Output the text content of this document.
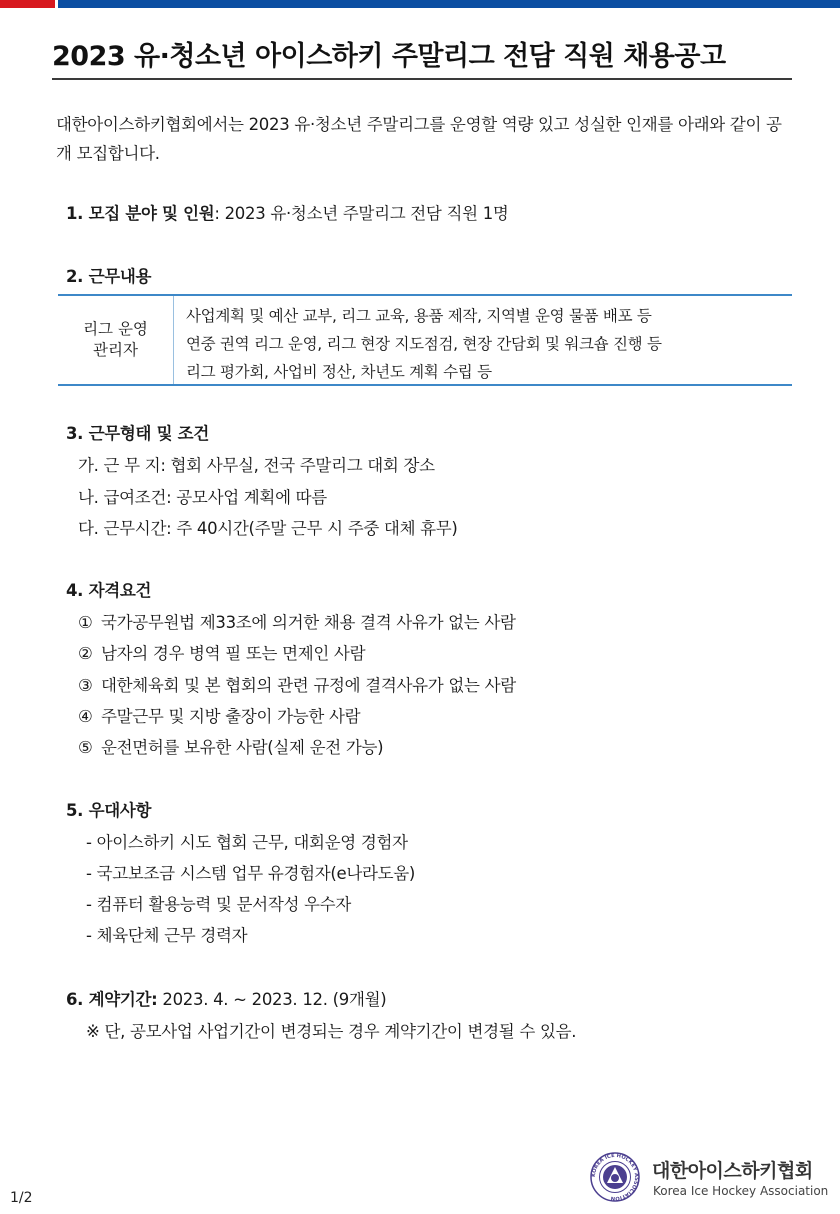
2023 유·청소년 아이스하키 주말리그 전담 직원 채용공고
대한아이스하키협회에서는 2023 유·청소년 주말리그를 운영할 역량 있고 성실한 인재를 아래와 같이 공개 모집합니다.
1. 모집 분야 및 인원: 2023 유·청소년 주말리그 전담 직원 1명
2. 근무내용
리그 운영
관리자
사업계획 및 예산 교부, 리그 교육, 용품 제작, 지역별 운영 물품 배포 등
연중 권역 리그 운영, 리그 현장 지도점검, 현장 간담회 및 워크숍 진행 등
리그 평가회, 사업비 정산, 차년도 계획 수립 등
3. 근무형태 및 조건
가. 근 무 지: 협회 사무실, 전국 주말리그 대회 장소
나. 급여조건: 공모사업 계획에 따름
다. 근무시간: 주 40시간(주말 근무 시 주중 대체 휴무)
4. 자격요건
① 국가공무원법 제33조에 의거한 채용 결격 사유가 없는 사람
② 남자의 경우 병역 필 또는 면제인 사람
③ 대한체육회 및 본 협회의 관련 규정에 결격사유가 없는 사람
④ 주말근무 및 지방 출장이 가능한 사람
⑤ 운전면허를 보유한 사람(실제 운전 가능)
5. 우대사항
- 아이스하키 시도 협회 근무, 대회운영 경험자
- 국고보조금 시스템 업무 유경험자(e나라도움)
- 컴퓨터 활용능력 및 문서작성 우수자
- 체육단체 근무 경력자
6. 계약기간: 2023. 4. ~ 2023. 12. (9개월)
※ 단, 공모사업 사업기간이 변경되는 경우 계약기간이 변경될 수 있음.
1/2
KOREA ICE HOCKEY ASSOCIATION
대한아이스하키협회
Korea Ice Hockey Association
